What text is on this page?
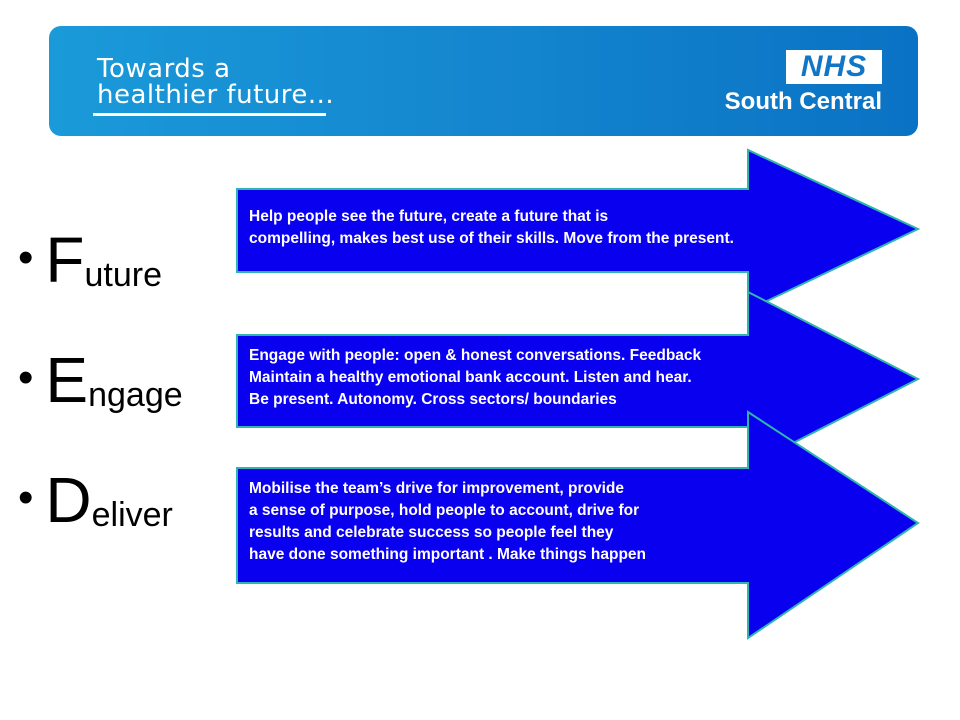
Towards a
healthier future...
NHS
South Central
• Future
• Engage
• Deliver
Help people see the future, create a future that is
compelling, makes best use of their skills. Move from the present.
Engage with people: open & honest conversations. Feedback
Maintain a healthy emotional bank account. Listen and hear.
Be present. Autonomy. Cross sectors/ boundaries
Mobilise the team’s drive for improvement, provide
a sense of purpose, hold people to account, drive for
results and celebrate success so people feel they
have done something important . Make things happen
